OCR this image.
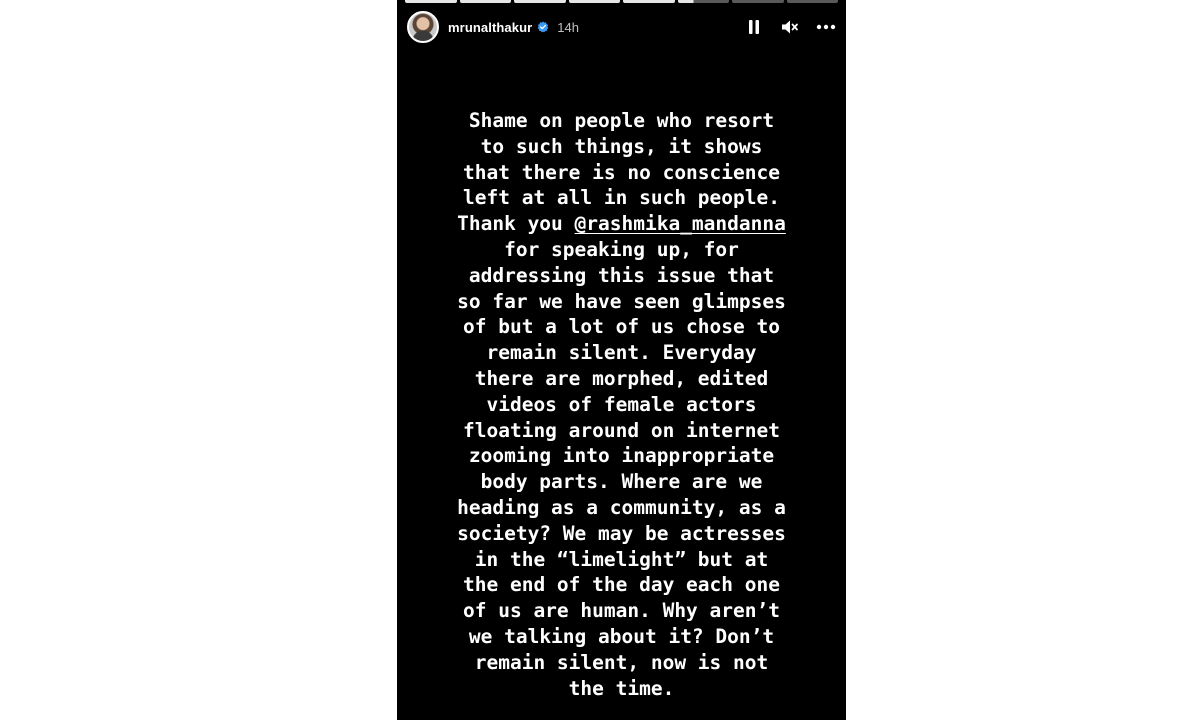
mrunalthakur 14h
Shame on people who resort
to such things, it shows
that there is no conscience
left at all in such people.
Thank you @rashmika_mandanna
for speaking up, for
addressing this issue that
so far we have seen glimpses
of but a lot of us chose to
remain silent. Everyday
there are morphed, edited
videos of female actors
floating around on internet
zooming into inappropriate
body parts. Where are we
heading as a community, as a
society? We may be actresses
in the “limelight” but at
the end of the day each one
of us are human. Why aren’t
we talking about it? Don’t
remain silent, now is not
the time.
